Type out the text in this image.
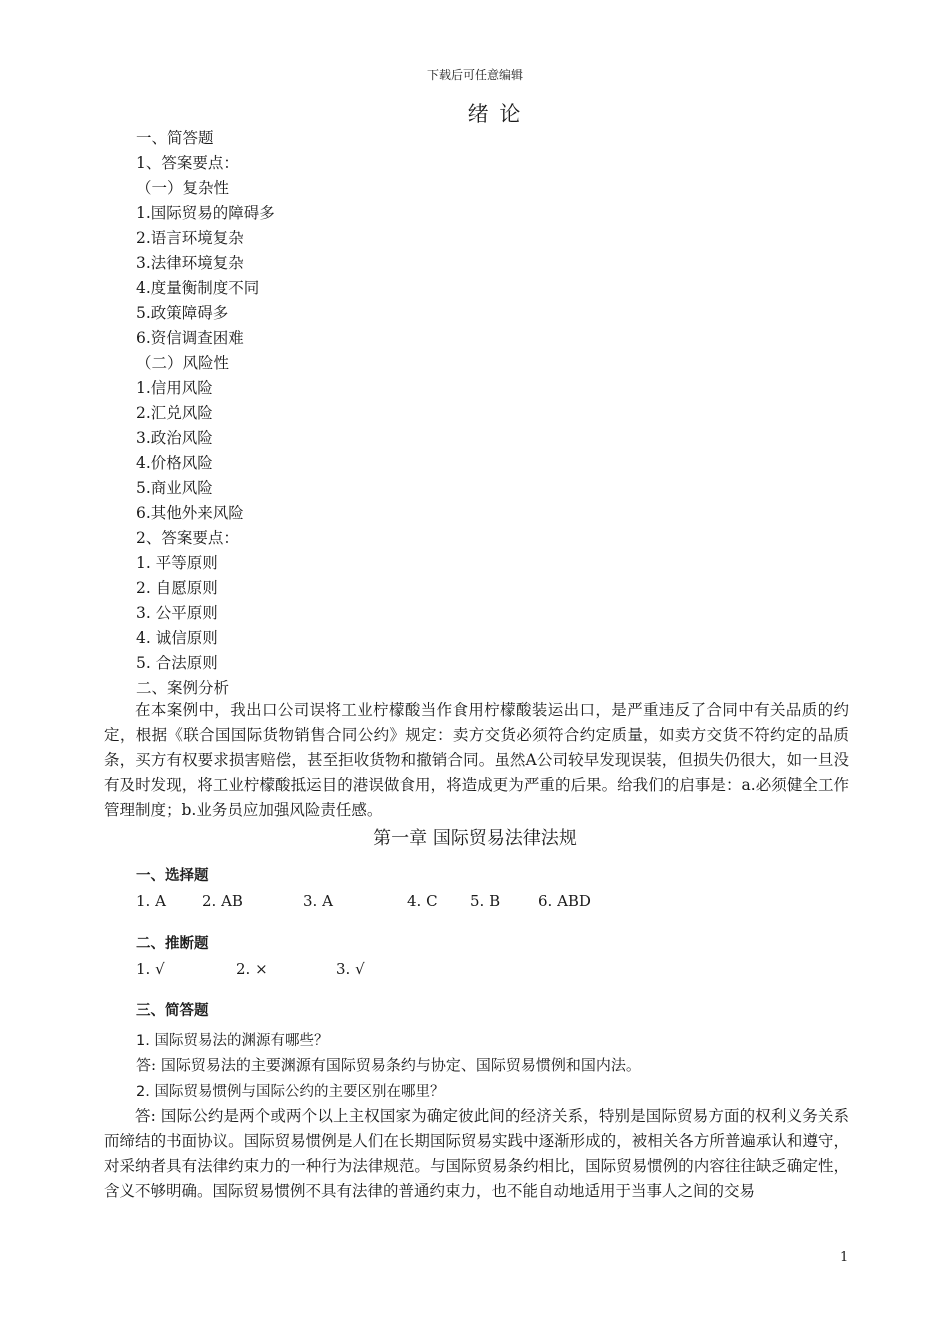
下载后可任意编辑
绪 论
一、简答题
1、答案要点：
（一）复杂性
1.国际贸易的障碍多
2.语言环境复杂
3.法律环境复杂
4.度量衡制度不同
5.政策障碍多
6.资信调查困难
（二）风险性
1.信用风险
2.汇兑风险
3.政治风险
4.价格风险
5.商业风险
6.其他外来风险
2、答案要点：
1. 平等原则
2. 自愿原则
3. 公平原则
4. 诚信原则
5. 合法原则
二、案例分析
在本案例中，我出口公司误将工业柠檬酸当作食用柠檬酸装运出口，是严重违反了合同中有关品质的约定，根据《联合国国际货物销售合同公约》规定：卖方交货必须符合约定质量，如卖方交货不符约定的品质条，买方有权要求损害赔偿，甚至拒收货物和撤销合同。虽然A公司较早发现误装，但损失仍很大，如一旦没有及时发现，将工业柠檬酸抵运目的港误做食用，将造成更为严重的后果。给我们的启事是：a.必须健全工作管理制度；b.业务员应加强风险责任感。
第一章 国际贸易法律法规
一、选择题
1. A 2. AB	3. A	4. C 5. B	6. ABD
二、推断题
1. √	2. ×	3. √
三、简答题
1. 国际贸易法的渊源有哪些？
答: 国际贸易法的主要渊源有国际贸易条约与协定、国际贸易惯例和国内法。
2. 国际贸易惯例与国际公约的主要区别在哪里？
答: 国际公约是两个或两个以上主权国家为确定彼此间的经济关系，特别是国际贸易方面的权利义务关系而缔结的书面协议。国际贸易惯例是人们在长期国际贸易实践中逐渐形成的，被相关各方所普遍承认和遵守，对采纳者具有法律约束力的一种行为法律规范。与国际贸易条约相比，国际贸易惯例的内容往往缺乏确定性，含义不够明确。国际贸易惯例不具有法律的普通约束力，也不能自动地适用于当事人之间的交易
1
